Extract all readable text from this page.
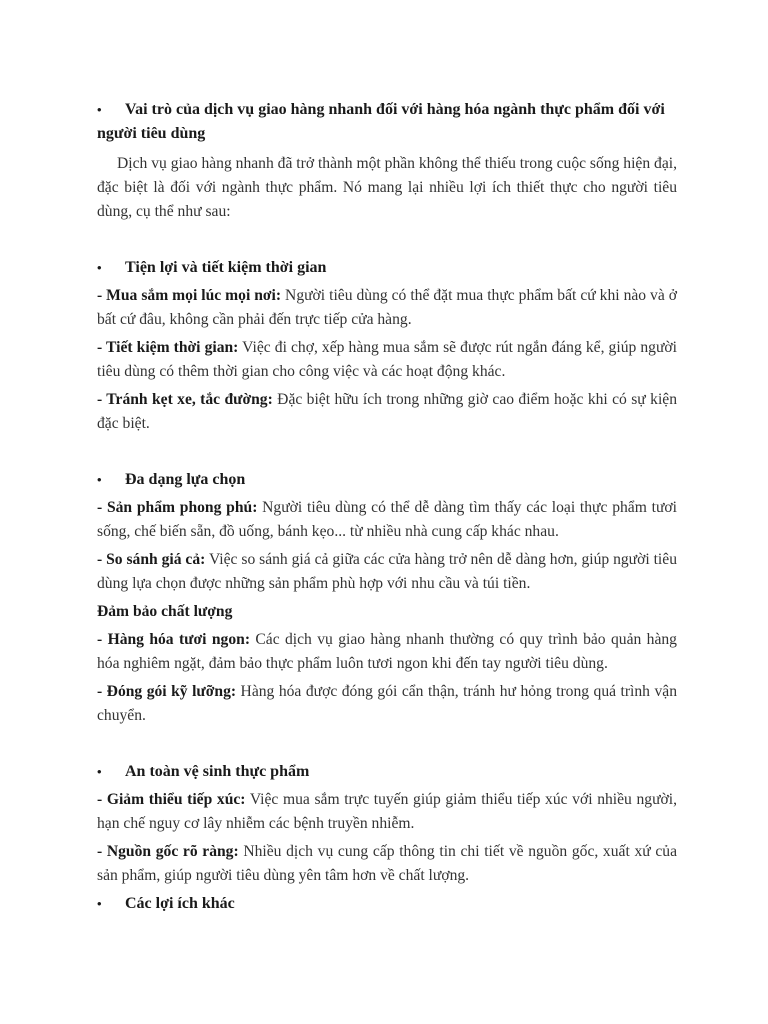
•	Vai trò của dịch vụ giao hàng nhanh đối với hàng hóa ngành thực phẩm đối với người tiêu dùng

Dịch vụ giao hàng nhanh đã trở thành một phần không thể thiếu trong cuộc sống hiện đại, đặc biệt là đối với ngành thực phẩm. Nó mang lại nhiều lợi ích thiết thực cho người tiêu dùng, cụ thể như sau:

•	Tiện lợi và tiết kiệm thời gian

- Mua sắm mọi lúc mọi nơi: Người tiêu dùng có thể đặt mua thực phẩm bất cứ khi nào và ở bất cứ đâu, không cần phải đến trực tiếp cửa hàng.

- Tiết kiệm thời gian: Việc đi chợ, xếp hàng mua sắm sẽ được rút ngắn đáng kể, giúp người tiêu dùng có thêm thời gian cho công việc và các hoạt động khác.

- Tránh kẹt xe, tắc đường: Đặc biệt hữu ích trong những giờ cao điểm hoặc khi có sự kiện đặc biệt.

•	Đa dạng lựa chọn

- Sản phẩm phong phú: Người tiêu dùng có thể dễ dàng tìm thấy các loại thực phẩm tươi sống, chế biến sẵn, đồ uống, bánh kẹo... từ nhiều nhà cung cấp khác nhau.

- So sánh giá cả: Việc so sánh giá cả giữa các cửa hàng trở nên dễ dàng hơn, giúp người tiêu dùng lựa chọn được những sản phẩm phù hợp với nhu cầu và túi tiền.

Đảm bảo chất lượng

- Hàng hóa tươi ngon: Các dịch vụ giao hàng nhanh thường có quy trình bảo quản hàng hóa nghiêm ngặt, đảm bảo thực phẩm luôn tươi ngon khi đến tay người tiêu dùng.

- Đóng gói kỹ lưỡng: Hàng hóa được đóng gói cẩn thận, tránh hư hỏng trong quá trình vận chuyển.

•	An toàn vệ sinh thực phẩm

- Giảm thiểu tiếp xúc: Việc mua sắm trực tuyến giúp giảm thiểu tiếp xúc với nhiều người, hạn chế nguy cơ lây nhiễm các bệnh truyền nhiễm.

- Nguồn gốc rõ ràng: Nhiều dịch vụ cung cấp thông tin chi tiết về nguồn gốc, xuất xứ của sản phẩm, giúp người tiêu dùng yên tâm hơn về chất lượng.

•	Các lợi ích khác
